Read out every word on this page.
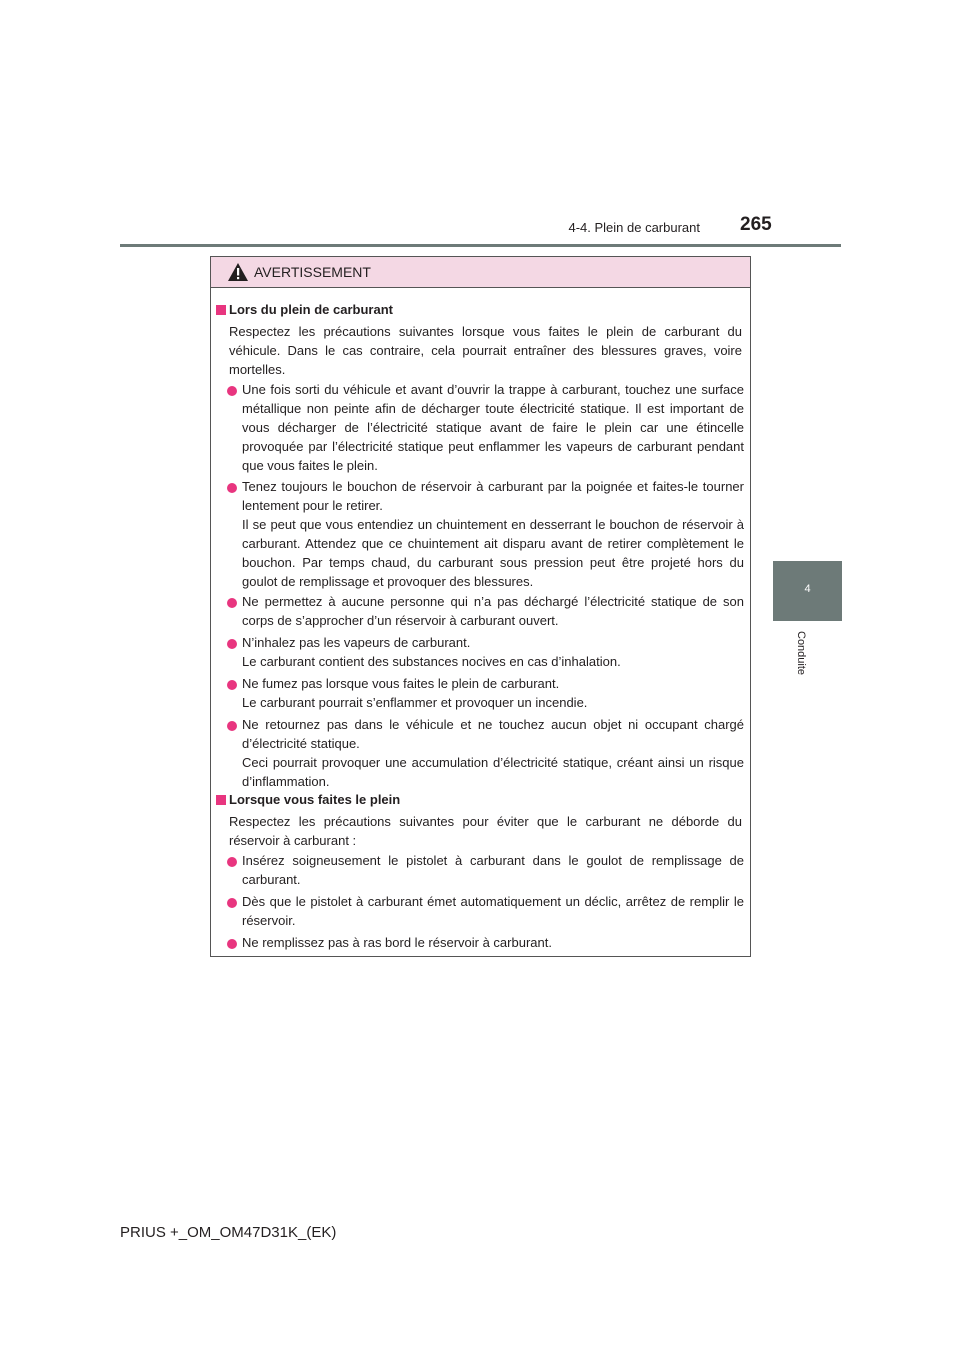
4-4. Plein de carburant 265
4
Conduite
AVERTISSEMENT
Lors du plein de carburant
Respectez les précautions suivantes lorsque vous faites le plein de carburant du véhicule. Dans le cas contraire, cela pourrait entraîner des blessures graves, voire mortelles.
Une fois sorti du véhicule et avant d’ouvrir la trappe à carburant, touchez une surface métallique non peinte afin de décharger toute électricité statique. Il est important de vous décharger de l’électricité statique avant de faire le plein car une étincelle provoquée par l’électricité statique peut enflammer les vapeurs de carburant pendant que vous faites le plein.
Tenez toujours le bouchon de réservoir à carburant par la poignée et faites-le tourner lentement pour le retirer.
Il se peut que vous entendiez un chuintement en desserrant le bouchon de réservoir à carburant. Attendez que ce chuintement ait disparu avant de retirer complètement le bouchon. Par temps chaud, du carburant sous pression peut être projeté hors du goulot de remplissage et provoquer des blessures.
Ne permettez à aucune personne qui n’a pas déchargé l’électricité statique de son corps de s’approcher d’un réservoir à carburant ouvert.
N’inhalez pas les vapeurs de carburant.
Le carburant contient des substances nocives en cas d’inhalation.
Ne fumez pas lorsque vous faites le plein de carburant.
Le carburant pourrait s’enflammer et provoquer un incendie.
Ne retournez pas dans le véhicule et ne touchez aucun objet ni occupant chargé d’électricité statique.
Ceci pourrait provoquer une accumulation d’électricité statique, créant ainsi un risque d’inflammation.
Lorsque vous faites le plein
Respectez les précautions suivantes pour éviter que le carburant ne déborde du réservoir à carburant :
Insérez soigneusement le pistolet à carburant dans le goulot de remplissage de carburant.
Dès que le pistolet à carburant émet automatiquement un déclic, arrêtez de remplir le réservoir.
Ne remplissez pas à ras bord le réservoir à carburant.
PRIUS +_OM_OM47D31K_(EK)
